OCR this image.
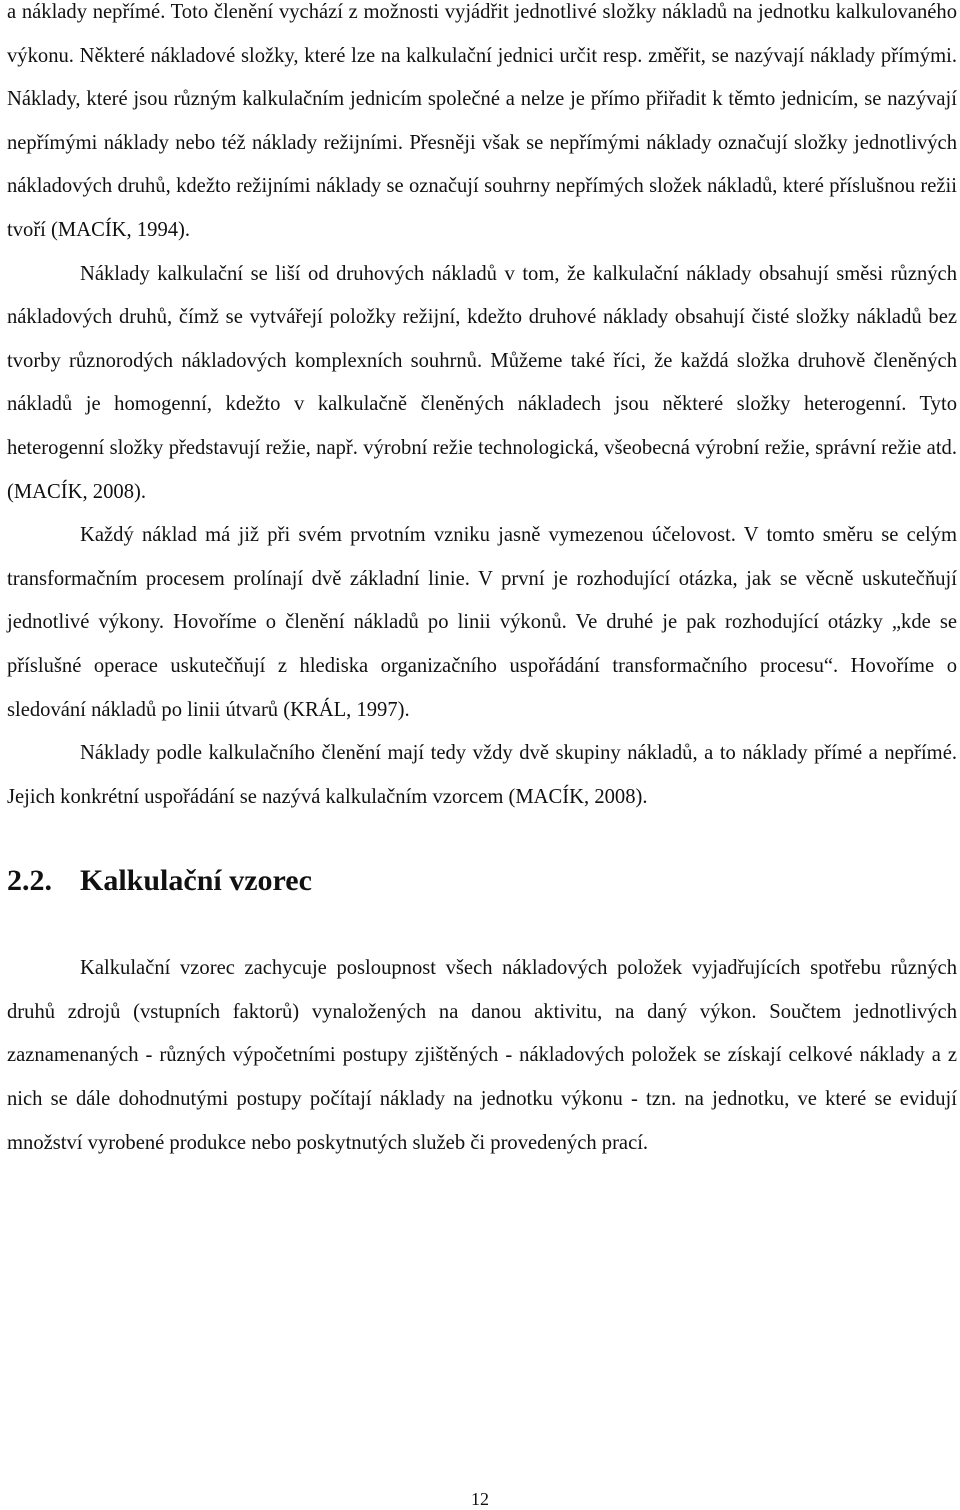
a náklady nepřímé. Toto členění vychází z možnosti vyjádřit jednotlivé složky nákladů na jednotku kalkulovaného výkonu. Některé nákladové složky, které lze na kalkulační jednici určit resp. změřit, se nazývají náklady přímými. Náklady, které jsou různým kalkulačním jednicím společné a nelze je přímo přiřadit k těmto jednicím, se nazývají nepřímými náklady nebo též náklady režijními. Přesněji však se nepřímými náklady označují složky jednotlivých nákladových druhů, kdežto režijními náklady se označují souhrny nepřímých složek nákladů, které příslušnou režii tvoří (MACÍK, 1994).

Náklady kalkulační se liší od druhových nákladů v tom, že kalkulační náklady obsahují směsi různých nákladových druhů, čímž se vytvářejí položky režijní, kdežto druhové náklady obsahují čisté složky nákladů bez tvorby různorodých nákladových komplexních souhrnů. Můžeme také říci, že každá složka druhově členěných nákladů je homogenní, kdežto v kalkulačně členěných nákladech jsou některé složky heterogenní. Tyto heterogenní složky představují režie, např. výrobní režie technologická, všeobecná výrobní režie, správní režie atd. (MACÍK, 2008).

Každý náklad má již při svém prvotním vzniku jasně vymezenou účelovost. V tomto směru se celým transformačním procesem prolínají dvě základní linie. V první je rozhodující otázka, jak se věcně uskutečňují jednotlivé výkony. Hovoříme o členění nákladů po linii výkonů. Ve druhé je pak rozhodující otázky „kde se příslušné operace uskutečňují z hlediska organizačního uspořádání transformačního procesu“. Hovoříme o sledování nákladů po linii útvarů (KRÁL, 1997).

Náklady podle kalkulačního členění mají tedy vždy dvě skupiny nákladů, a to náklady přímé a nepřímé. Jejich konkrétní uspořádání se nazývá kalkulačním vzorcem (MACÍK, 2008).

2.2. Kalkulační vzorec

Kalkulační vzorec zachycuje posloupnost všech nákladových položek vyjadřujících spotřebu různých druhů zdrojů (vstupních faktorů) vynaložených na danou aktivitu, na daný výkon. Součtem jednotlivých zaznamenaných - různých výpočetními postupy zjištěných - nákladových položek se získají celkové náklady a z nich se dále dohodnutými postupy počítají náklady na jednotku výkonu - tzn. na jednotku, ve které se evidují množství vyrobené produkce nebo poskytnutých služeb či provedených prací.

12
